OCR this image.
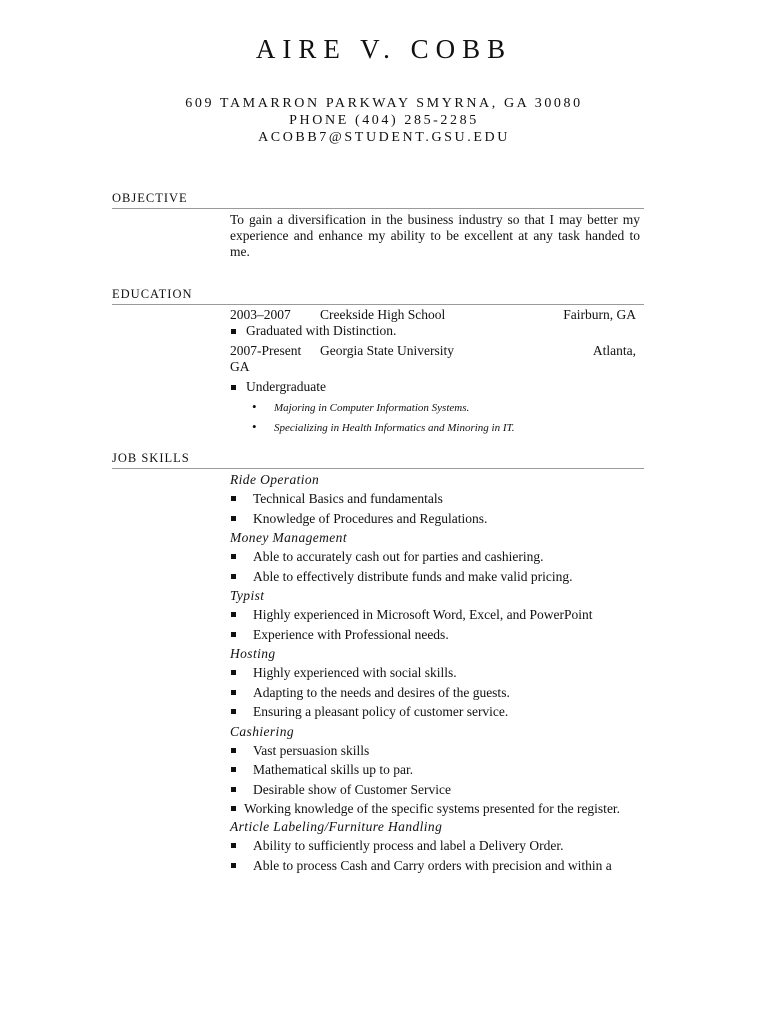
AIRE V. COBB
609 TAMARRON PARKWAY SMYRNA, GA 30080
PHONE (404) 285-2285
ACOBB7@STUDENT.GSU.EDU
OBJECTIVE
To gain a diversification in the business industry so that I may better my experience and enhance my ability to be excellent at any task handed to me.
EDUCATION
2003–2007	Creekside High School	Fairburn, GA
Graduated with Distinction.
2007-Present	Georgia State University	Atlanta,
GA
Undergraduate
• Majoring in Computer Information Systems.
• Specializing in Health Informatics and Minoring in IT.
JOB SKILLS
Ride Operation
Technical Basics and fundamentals
Knowledge of Procedures and Regulations.
Money Management
Able to accurately cash out for parties and cashiering.
Able to effectively distribute funds and make valid pricing.
Typist
Highly experienced in Microsoft Word, Excel, and PowerPoint
Experience with Professional needs.
Hosting
Highly experienced with social skills.
Adapting to the needs and desires of the guests.
Ensuring a pleasant policy of customer service.
Cashiering
Vast persuasion skills
Mathematical skills up to par.
Desirable show of Customer Service
Working knowledge of the specific systems presented for the register.
Article Labeling/Furniture Handling
Ability to sufficiently process and label a Delivery Order.
Able to process Cash and Carry orders with precision and within a
